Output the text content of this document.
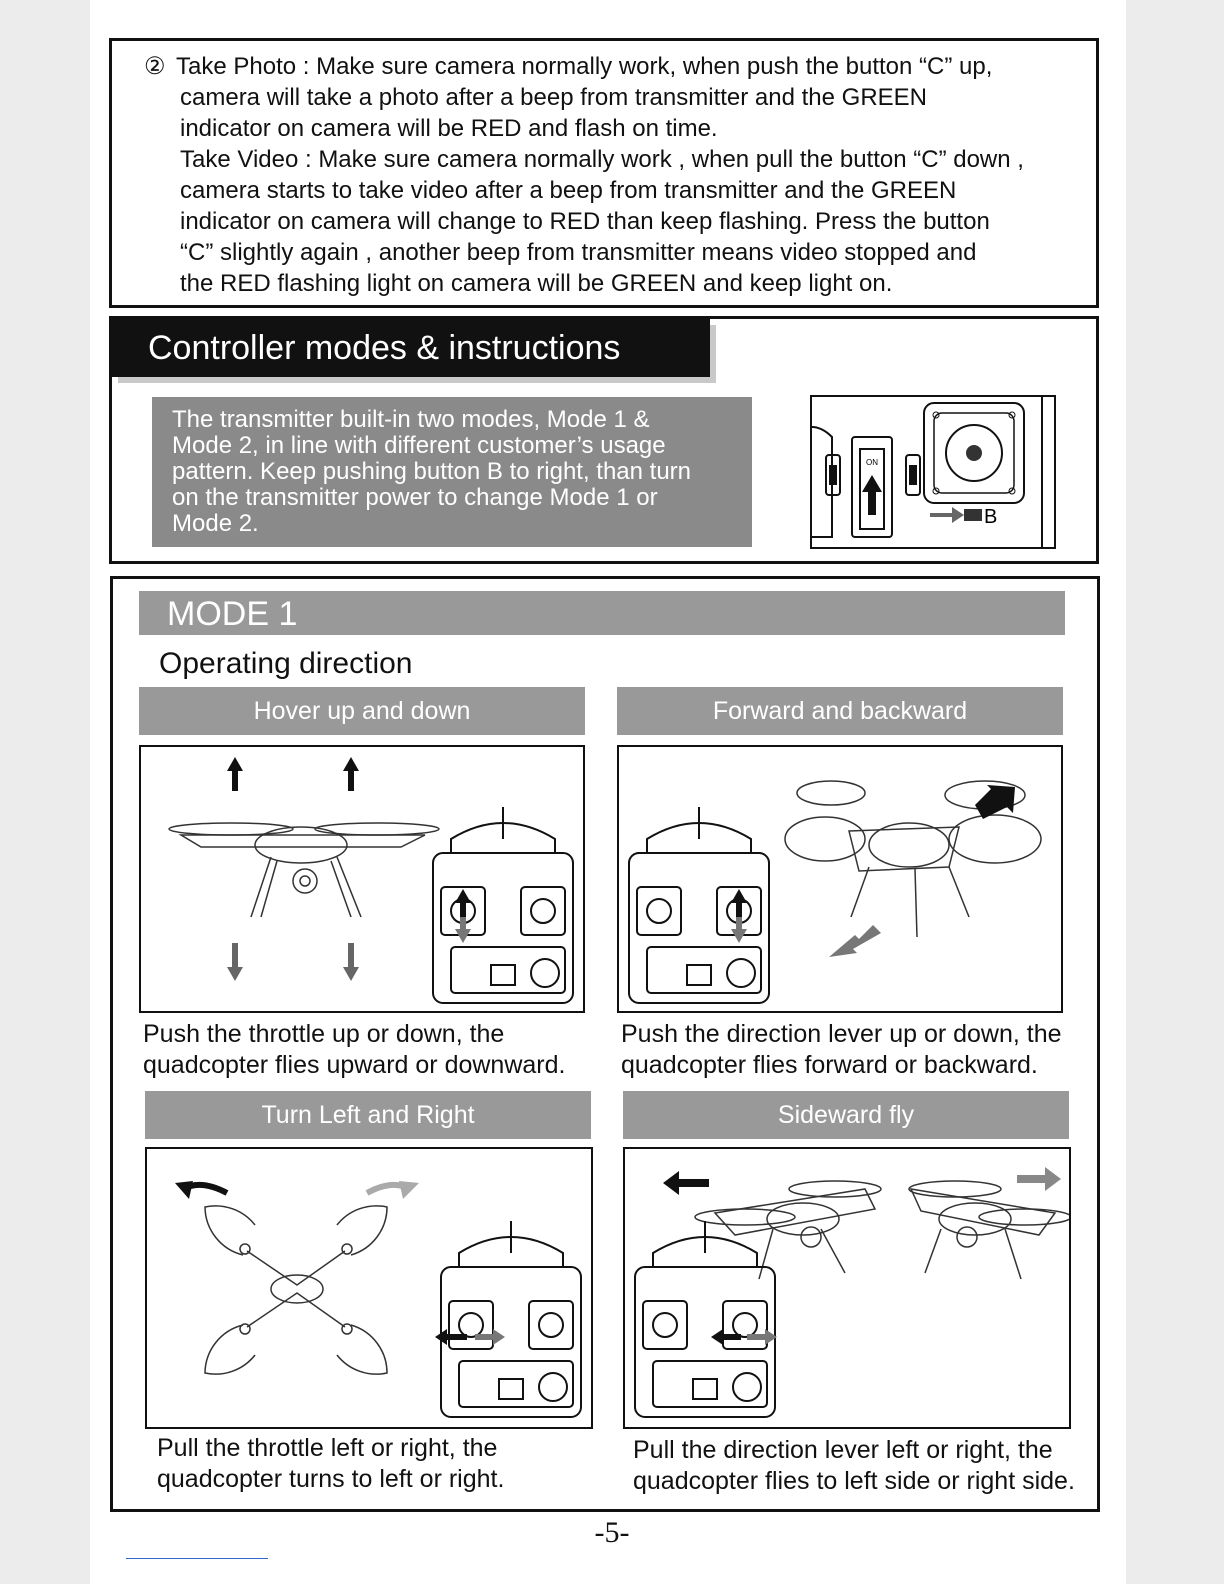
② Take Photo : Make sure camera normally work, when push the button “C” up,

camera will take a photo after a beep from transmitter and the GREEN

indicator on camera will be RED and flash on time.

Take Video : Make sure camera normally work , when pull the button “C” down ,

camera starts to take video after a beep from transmitter and the GREEN

indicator on camera will change to RED than keep flashing. Press the button

“C” slightly again , another beep from transmitter means video stopped and

the RED flashing light on camera will be GREEN and keep light on.

Controller modes & instructions
The transmitter built-in two modes, Mode 1 &
Mode 2, in line with different customer’s usage
pattern. Keep pushing button B to right, than turn
on the transmitter power to change Mode 1 or
Mode 2.
ON
B
MODE 1
Operating direction
Hover up and down
Push the throttle up or down, the
quadcopter flies upward or downward.
Forward and backward
Push the direction lever up or down, the
quadcopter flies forward or backward.
Turn Left and Right
Pull the throttle left or right, the
quadcopter turns to left or right.
Sideward fly
Pull the direction lever left or right, the
quadcopter flies to left side or right side.
-5-
